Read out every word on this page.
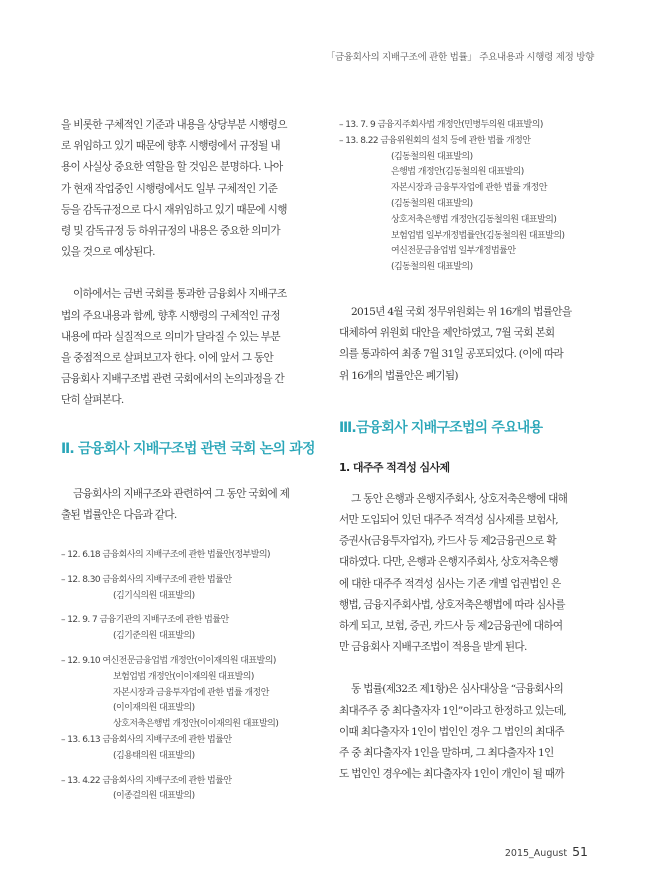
「금융회사의 지배구조에 관한 법률」 주요내용과 시행령 제정 방향
을 비롯한 구체적인 기준과 내용을 상당부분 시행령으
로 위임하고 있기 때문에 향후 시행령에서 규정될 내
용이 사실상 중요한 역할을 할 것임은 분명하다. 나아
가 현재 작업중인 시행령에서도 일부 구체적인 기준
등을 감독규정으로 다시 재위임하고 있기 때문에 시행
령 및 감독규정 등 하위규정의 내용은 중요한 의미가
있을 것으로 예상된다.
이하에서는 금번 국회를 통과한 금융회사 지배구조
법의 주요내용과 함께, 향후 시행령의 구체적인 규정
내용에 따라 실질적으로 의미가 달라질 수 있는 부분
을 중점적으로 살펴보고자 한다. 이에 앞서 그 동안
금융회사 지배구조법 관련 국회에서의 논의과정을 간
단히 살펴본다.
Ⅱ. 금융회사 지배구조법 관련 국회 논의 과정
금융회사의 지배구조와 관련하여 그 동안 국회에 제
출된 법률안은 다음과 같다.
– 12. 6.18 금융회사의 지배구조에 관한 법률안(정부발의)
– 12. 8.30 금융회사의 지배구조에 관한 법률안
(김기식의원 대표발의)
– 12. 9. 7 금융기관의 지배구조에 관한 법률안
(김기준의원 대표발의)
– 12. 9.10 여신전문금융업법 개정안(이이재의원 대표발의)
보험업법 개정안(이이재의원 대표발의)
자본시장과 금융투자업에 관한 법률 개정안
(이이재의원 대표발의)
상호저축은행법 개정안(이이재의원 대표발의)
– 13. 6.13 금융회사의 지배구조에 관한 법률안
(김용태의원 대표발의)
– 13. 4.22 금융회사의 지배구조에 관한 법률안
(이종걸의원 대표발의)
– 13. 7. 9 금융지주회사법 개정안(민병두의원 대표발의)
– 13. 8.22 금융위원회의 설치 등에 관한 법률 개정안
(김동철의원 대표발의)
은행법 개정안(김동철의원 대표발의)
자본시장과 금융투자업에 관한 법률 개정안
(김동철의원 대표발의)
상호저축은행법 개정안(김동철의원 대표발의)
보험업법 일부개정법률안(김동철의원 대표발의)
여신전문금융업법 일부개정법률안
(김동철의원 대표발의)
2015년 4월 국회 정무위원회는 위 16개의 법률안을
대체하여 위원회 대안을 제안하였고, 7월 국회 본회
의를 통과하여 최종 7월 31일 공포되었다. (이에 따라
위 16개의 법률안은 폐기됨)
Ⅲ.금융회사 지배구조법의 주요내용
1. 대주주 적격성 심사제
그 동안 은행과 은행지주회사, 상호저축은행에 대해
서만 도입되어 있던 대주주 적격성 심사제를 보험사,
증권사(금융투자업자), 카드사 등 제2금융권으로 확
대하였다. 다만, 은행과 은행지주회사, 상호저축은행
에 대한 대주주 적격성 심사는 기존 개별 업권법인 은
행법, 금융지주회사법, 상호저축은행법에 따라 심사를
하게 되고, 보험, 증권, 카드사 등 제2금융권에 대하여
만 금융회사 지배구조법이 적용을 받게 된다.
동 법률(제32조 제1항)은 심사대상을 “금융회사의
최대주주 중 최다출자자 1인”이라고 한정하고 있는데,
이때 최다출자자 1인이 법인인 경우 그 법인의 최대주
주 중 최다출자자 1인을 말하며, 그 최다출자자 1인
도 법인인 경우에는 최다출자자 1인이 개인이 될 때까
2015_August 51
